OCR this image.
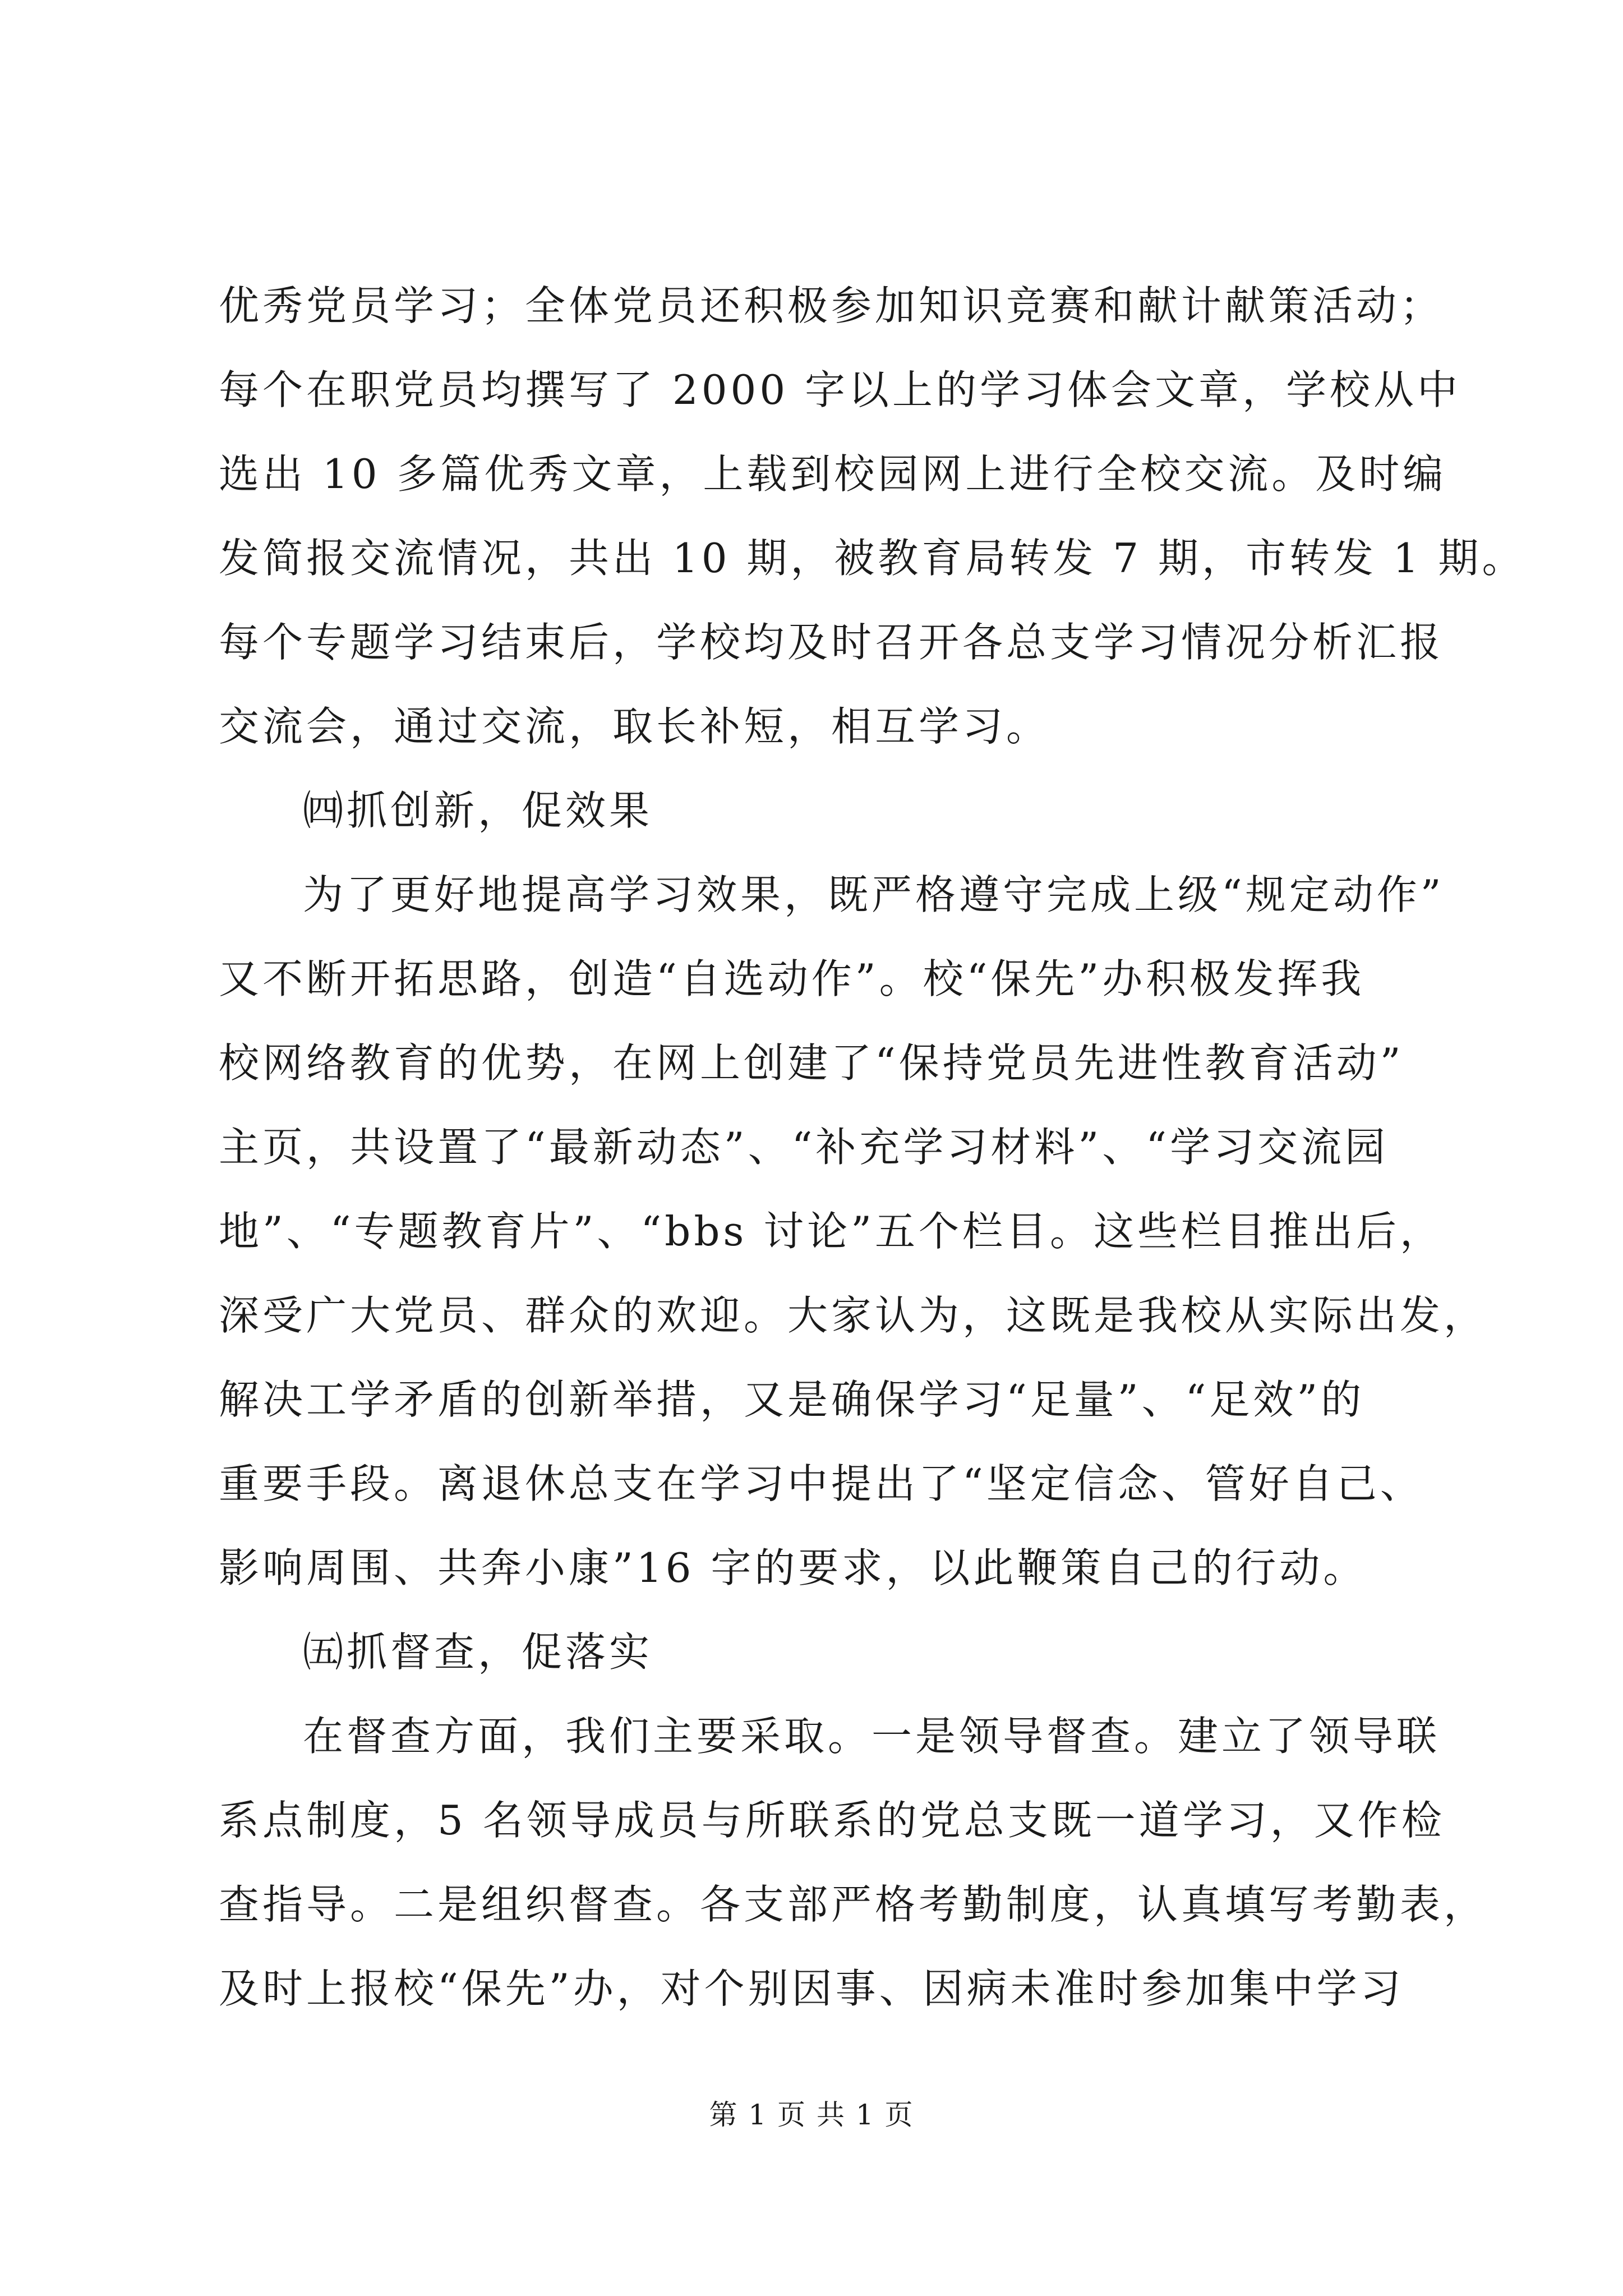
优秀党员学习；全体党员还积极参加知识竞赛和献计献策活动；
每个在职党员均撰写了 2000 字以上的学习体会文章，学校从中
选出 10 多篇优秀文章，上载到校园网上进行全校交流。及时编
发简报交流情况，共出 10 期，被教育局转发 7 期，市转发 1 期。
每个专题学习结束后，学校均及时召开各总支学习情况分析汇报
交流会，通过交流，取长补短，相互学习。
㈣抓创新，促效果
为了更好地提高学习效果，既严格遵守完成上级“规定动作”
又不断开拓思路，创造“自选动作”。校“保先”办积极发挥我
校网络教育的优势，在网上创建了“保持党员先进性教育活动”
主页，共设置了“最新动态”、“补充学习材料”、“学习交流园
地”、“专题教育片”、“bbs 讨论”五个栏目。这些栏目推出后，
深受广大党员、群众的欢迎。大家认为，这既是我校从实际出发，
解决工学矛盾的创新举措，又是确保学习“足量”、“足效”的
重要手段。离退休总支在学习中提出了“坚定信念、管好自己、
影响周围、共奔小康”16 字的要求，以此鞭策自己的行动。
㈤抓督查，促落实
在督查方面，我们主要采取。一是领导督查。建立了领导联
系点制度，5 名领导成员与所联系的党总支既一道学习，又作检
查指导。二是组织督查。各支部严格考勤制度，认真填写考勤表，
及时上报校“保先”办，对个别因事、因病未准时参加集中学习
第 1 页 共 1 页
